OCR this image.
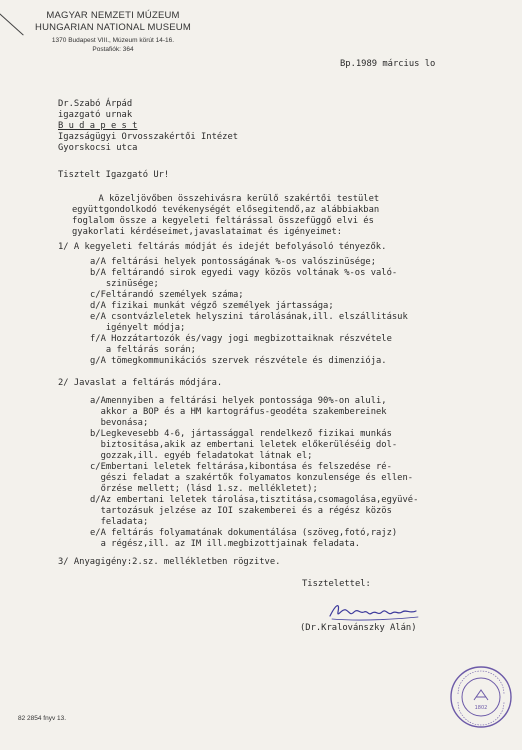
MAGYAR NEMZETI MÚZEUM
HUNGARIAN NATIONAL MUSEUM
1370 Budapest VIII., Múzeum körút 14-16.
Postafiók: 364
Bp.1989 március lo
Dr.Szabó Árpád
igazgató urnak
B u d a p e s t
Igazságügyi Orvosszakértői Intézet
Gyorskocsi utca
Tisztelt Igazgató Ur!
A közeljövőben összehivásra kerülő szakértői testület
együttgondolkodó tevékenységét elősegitendő,az alábbiakban
foglalom össze a kegyeleti feltárással összefüggő elvi és
gyakorlati kérdéseimet,javaslataimat és igényeimet:
1/ A kegyeleti feltárás módját és idejét befolyásoló tényezők.
a/A feltárási helyek pontosságának %-os valószinüsége;
b/A feltárandó sirok egyedi vagy közös voltának %-os való-
szinüsége;
c/Feltárandó személyek száma;
d/A fizikai munkát végző személyek jártassága;
e/A csontvázleletek helyszini tárolásának,ill. elszállitásuk
igényelt módja;
f/A Hozzátartozók és/vagy jogi megbizottaiknak részvétele
a feltárás során;
g/A tömegkommunikációs szervek részvétele és dimenziója.
2/ Javaslat a feltárás módjára.
a/Amennyiben a feltárási helyek pontossága 90%-on aluli,
akkor a BOP és a HM kartográfus-geodéta szakembereinek
bevonása;
b/Legkevesebb 4-6, jártassággal rendelkező fizikai munkás
biztositása,akik az embertani leletek előkerüléséig dol-
gozzak,ill. egyéb feladatokat látnak el;
c/Embertani leletek feltárása,kibontása és felszedése ré-
gészi feladat a szakértők folyamatos konzulensége és ellen-
őrzése mellett; (lásd 1.sz. mellékletet);
d/Az embertani leletek tárolása,tisztitása,csomagolása,együvé-
tartozásuk jelzése az IOI szakemberei és a régész közös
feladata;
e/A feltárás folyamatának dokumentálása (szöveg,fotó,rajz)
a régész,ill. az IM ill.megbizottjainak feladata.
3/ Anyagigény:2.sz. mellékletben rögzitve.
Tisztelettel:
(Dr.Kralovánszky Alán)
82 2854 fnyv 13.
1802
